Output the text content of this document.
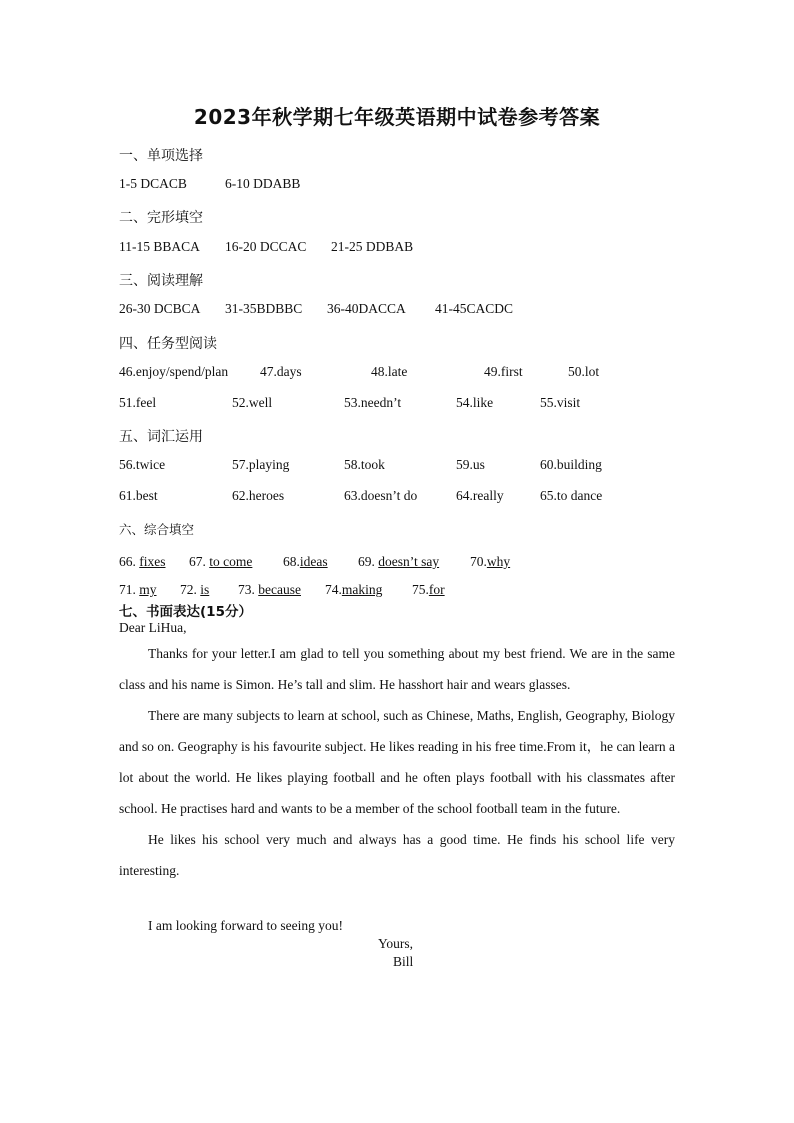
2023年秋学期七年级英语期中试卷参考答案
一、单项选择
1-5 DCACB	6-10 DDABB
二、完形填空
11-15 BBACA 16-20 DCCAC 21-25 DDBAB
三、阅读理解
26-30 DCBCA 31-35BDBBC 36-40DACCA 41-45CACDC
四、任务型阅读
46.enjoy/spend/plan 47.days	48.late	49.first	50.lot
51.feel	52.well	53.needn’t	54.like	55.visit
五、词汇运用
56.twice	57.playing	58.took	59.us	60.building
61.best	62.heroes	63.doesn’t do	64.really	65.to dance
六、综合填空
66. fixes 67. to come 68.ideas 69. doesn’t say 70.why
71. my 72. is 73. because 74.making 75.for
七、书面表达(15分）
Dear LiHua,

Thanks for your letter.I am glad to tell you something about my best friend. We are in the same class and his name is Simon. He’s tall and slim. He hasshort hair and wears glasses.

There are many subjects to learn at school, such as Chinese, Maths, English, Geography, Biology and so on. Geography is his favourite subject. He likes reading in his free time.From it，he can learn a lot about the world. He likes playing football and he often plays football with his classmates after school. He practises hard and wants to be a member of the school football team in the future.

He likes his school very much and always has a good time. He finds his school life very interesting.

I am looking forward to seeing you!
Yours,
Bill
